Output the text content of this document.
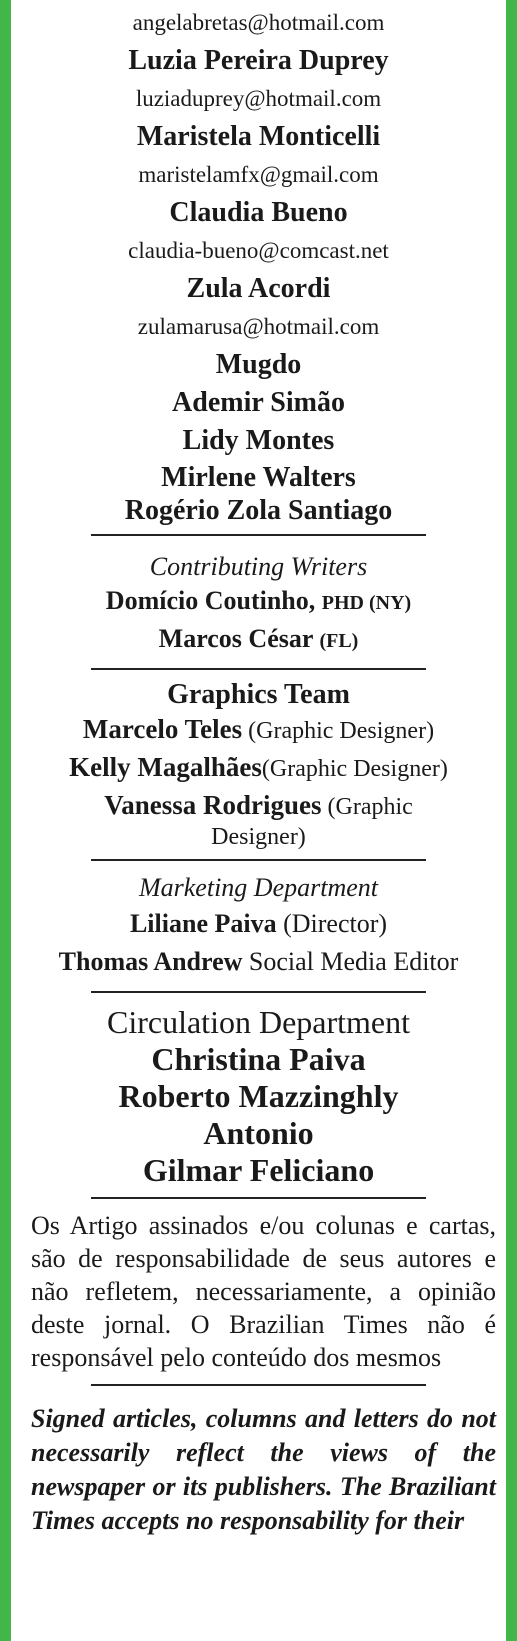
angelabretas@hotmail.com
Luzia Pereira Duprey
luziaduprey@hotmail.com
Maristela Monticelli
maristelamfx@gmail.com
Claudia Bueno
claudia-bueno@comcast.net
Zula Acordi
zulamarusa@hotmail.com
Mugdo
Ademir Simão
Lidy Montes
Mirlene Walters
Rogério Zola Santiago
Contributing Writers
Domício Coutinho, PHD (NY)
Marcos César (FL)
Graphics Team
Marcelo Teles (Graphic Designer)
Kelly Magalhães(Graphic Designer)
Vanessa Rodrigues (Graphic Designer)
Marketing Department
Liliane Paiva (Director)
Thomas Andrew Social Media Editor
Circulation Department
Christina Paiva
Roberto Mazzinghly
Antonio
Gilmar Feliciano

Os Artigo assinados e/ou colunas e cartas, são de responsabilidade de seus autores e não refletem, necessariamente, a opinião deste jornal. O Brazilian Times não é responsável pelo conteúdo dos mesmos

Signed articles, columns and letters do not necessarily reflect the views of the newspaper or its publishers. The Braziliant Times accepts no responsability for their
